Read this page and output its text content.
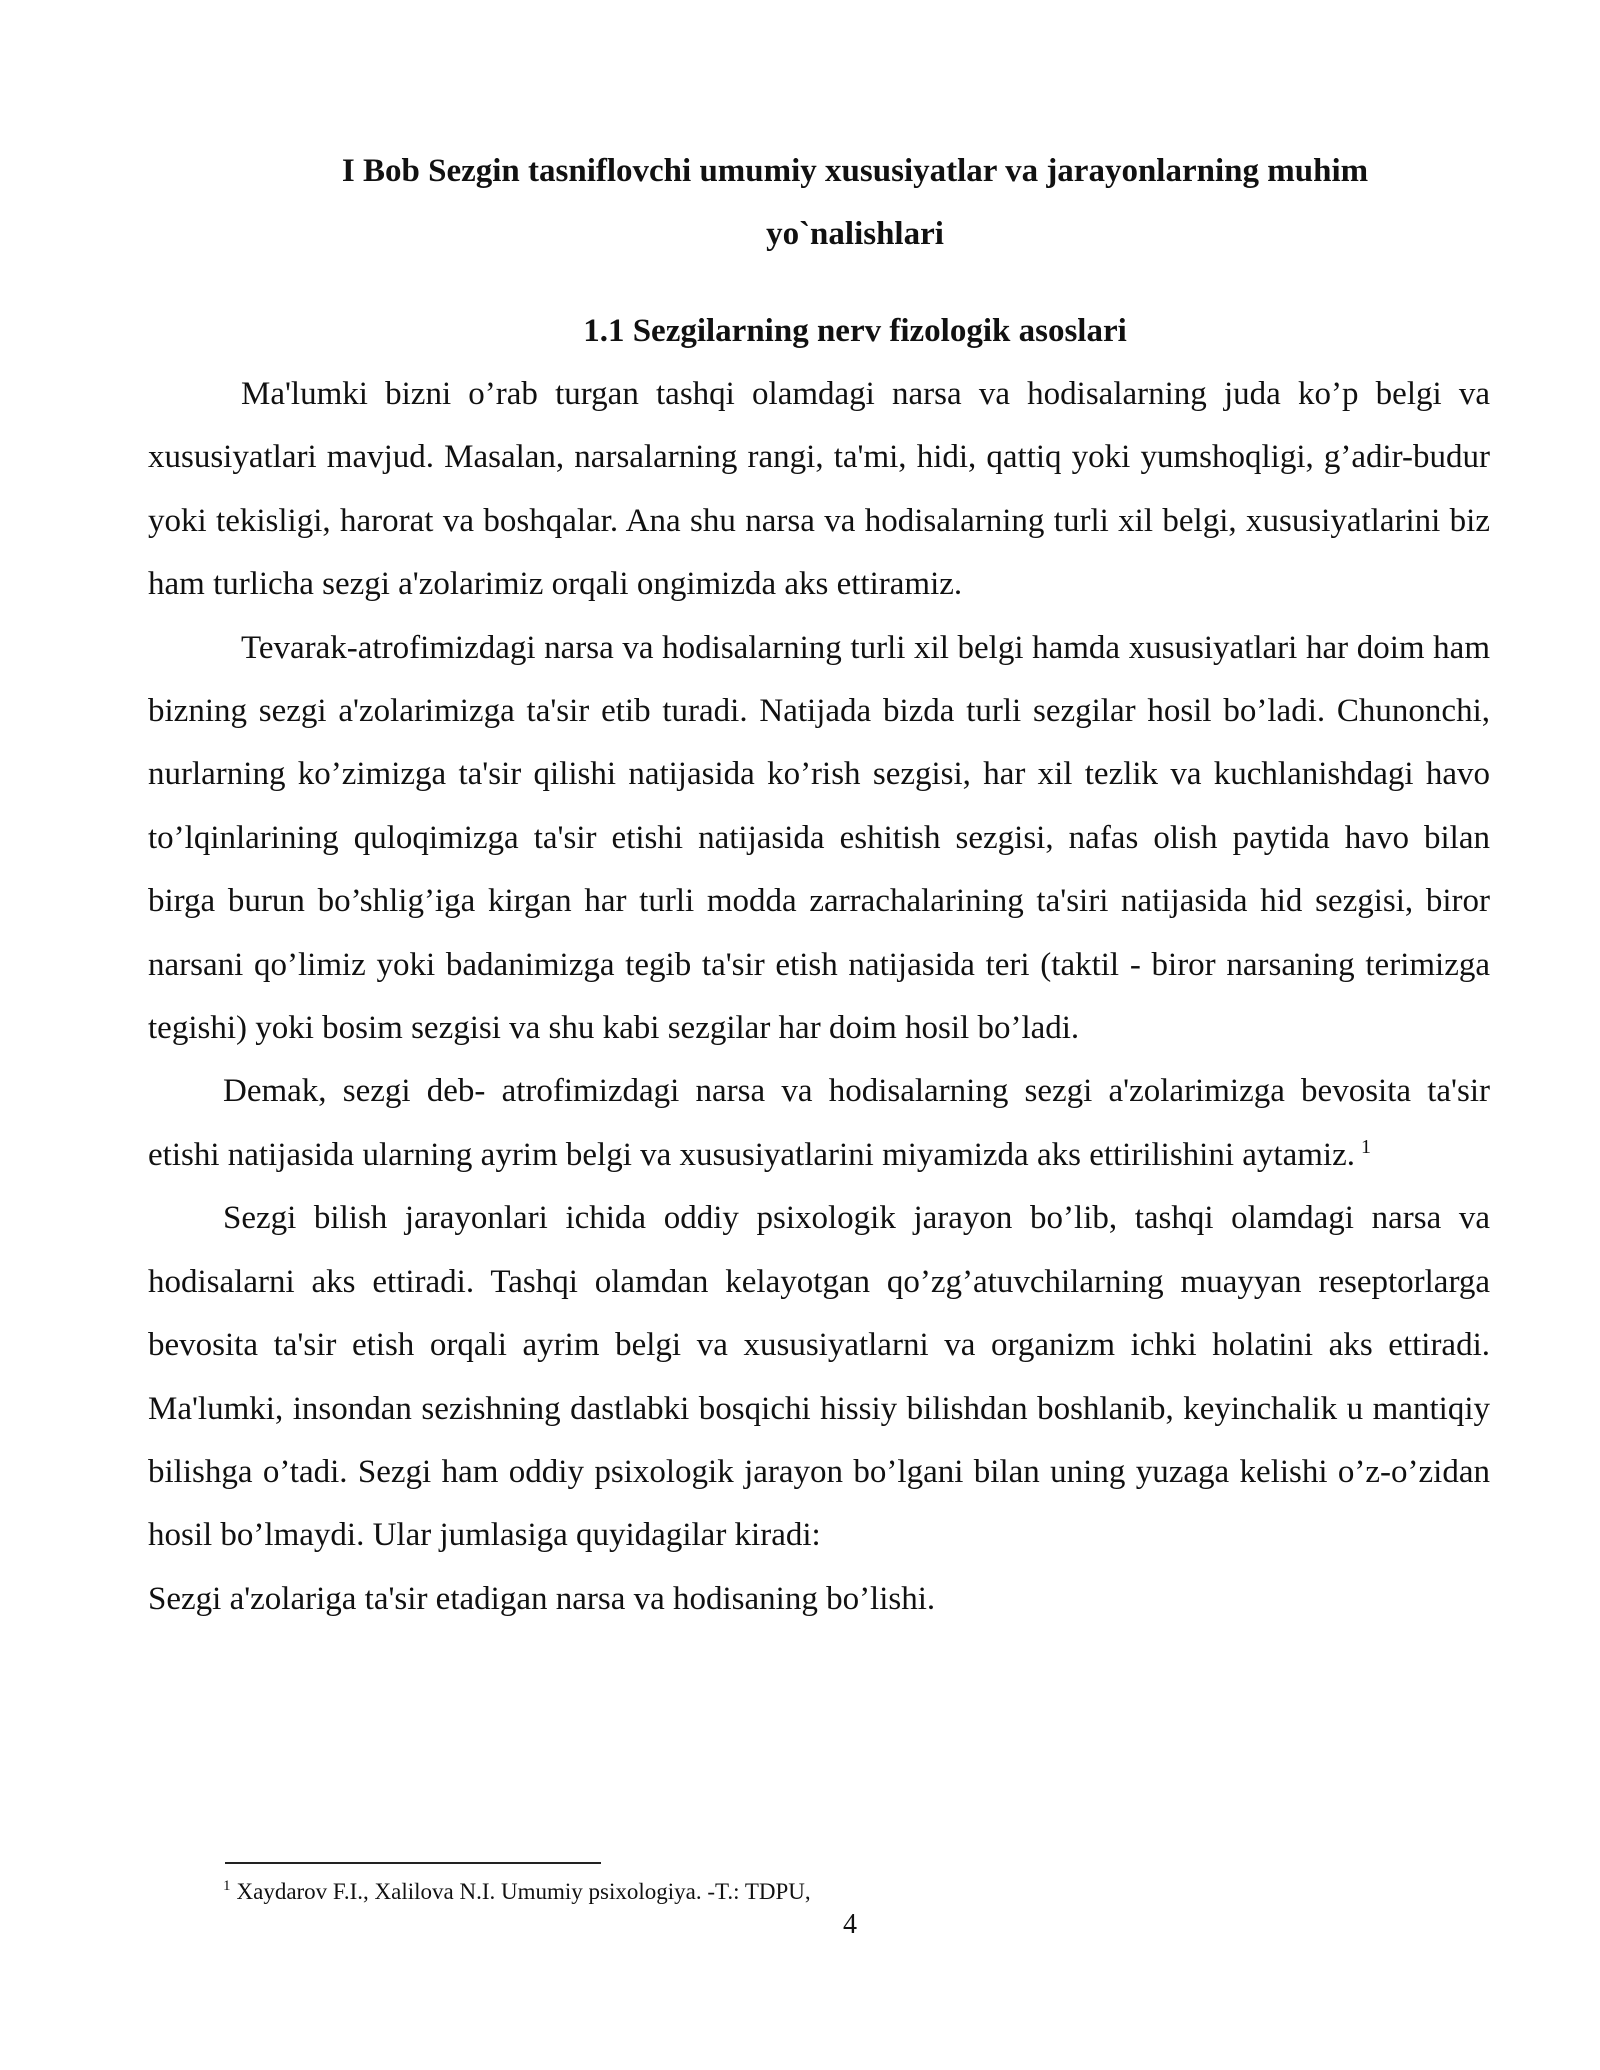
I Bob Sezgin tasniflovchi umumiy xususiyatlar va jarayonlarning muhim yo`nalishlari
1.1 Sezgilarning nerv fizologik asoslari

Ma'lumki bizni o’rab turgan tashqi olamdagi narsa va hodisalarning juda ko’p belgi va xususiyatlari mavjud. Masalan, narsalarning rangi, ta'mi, hidi, qattiq yoki yumshoqligi, g’adir-budur yoki tekisligi, harorat va boshqalar. Ana shu narsa va hodisalarning turli xil belgi, xususiyatlarini biz ham turlicha sezgi a'zolarimiz orqali ongimizda aks ettiramiz.

Tevarak-atrofimizdagi narsa va hodisalarning turli xil belgi hamda xususiyatlari har doim ham bizning sezgi a'zolarimizga ta'sir etib turadi. Natijada bizda turli sezgilar hosil bo’ladi. Chunonchi, nurlarning ko’zimizga ta'sir qilishi natijasida ko’rish sezgisi, har xil tezlik va kuchlanishdagi havo to’lqinlarining quloqimizga ta'sir etishi natijasida eshitish sezgisi, nafas olish paytida havo bilan birga burun bo’shlig’iga kirgan har turli modda zarrachalarining ta'siri natijasida hid sezgisi, biror narsani qo’limiz yoki badanimizga tegib ta'sir etish natijasida teri (taktil - biror narsaning terimizga tegishi) yoki bosim sezgisi va shu kabi sezgilar har doim hosil bo’ladi.

Demak, sezgi deb- atrofimizdagi narsa va hodisalarning sezgi a'zolarimizga bevosita ta'sir etishi natijasida ularning ayrim belgi va xususiyatlarini miyamizda aks ettirilishini aytamiz. $^1$

Sezgi bilish jarayonlari ichida oddiy psixologik jarayon bo’lib, tashqi olamdagi narsa va hodisalarni aks ettiradi. Tashqi olamdan kelayotgan qo’zg’atuvchilarning muayyan reseptorlarga bevosita ta'sir etish orqali ayrim belgi va xususiyatlarni va organizm ichki holatini aks ettiradi. Ma'lumki, insondan sezishning dastlabki bosqichi hissiy bilishdan boshlanib, keyinchalik u mantiqiy bilishga o’tadi. Sezgi ham oddiy psixologik jarayon bo’lgani bilan uning yuzaga kelishi o’z-o’zidan hosil bo’lmaydi. Ular jumlasiga quyidagilar kiradi:

Sezgi a'zolariga ta'sir etadigan narsa va hodisaning bo’lishi.

$^1$ Xaydarov F.I., Xalilova N.I. Umumiy psixologiya. -T.: TDPU,

4
